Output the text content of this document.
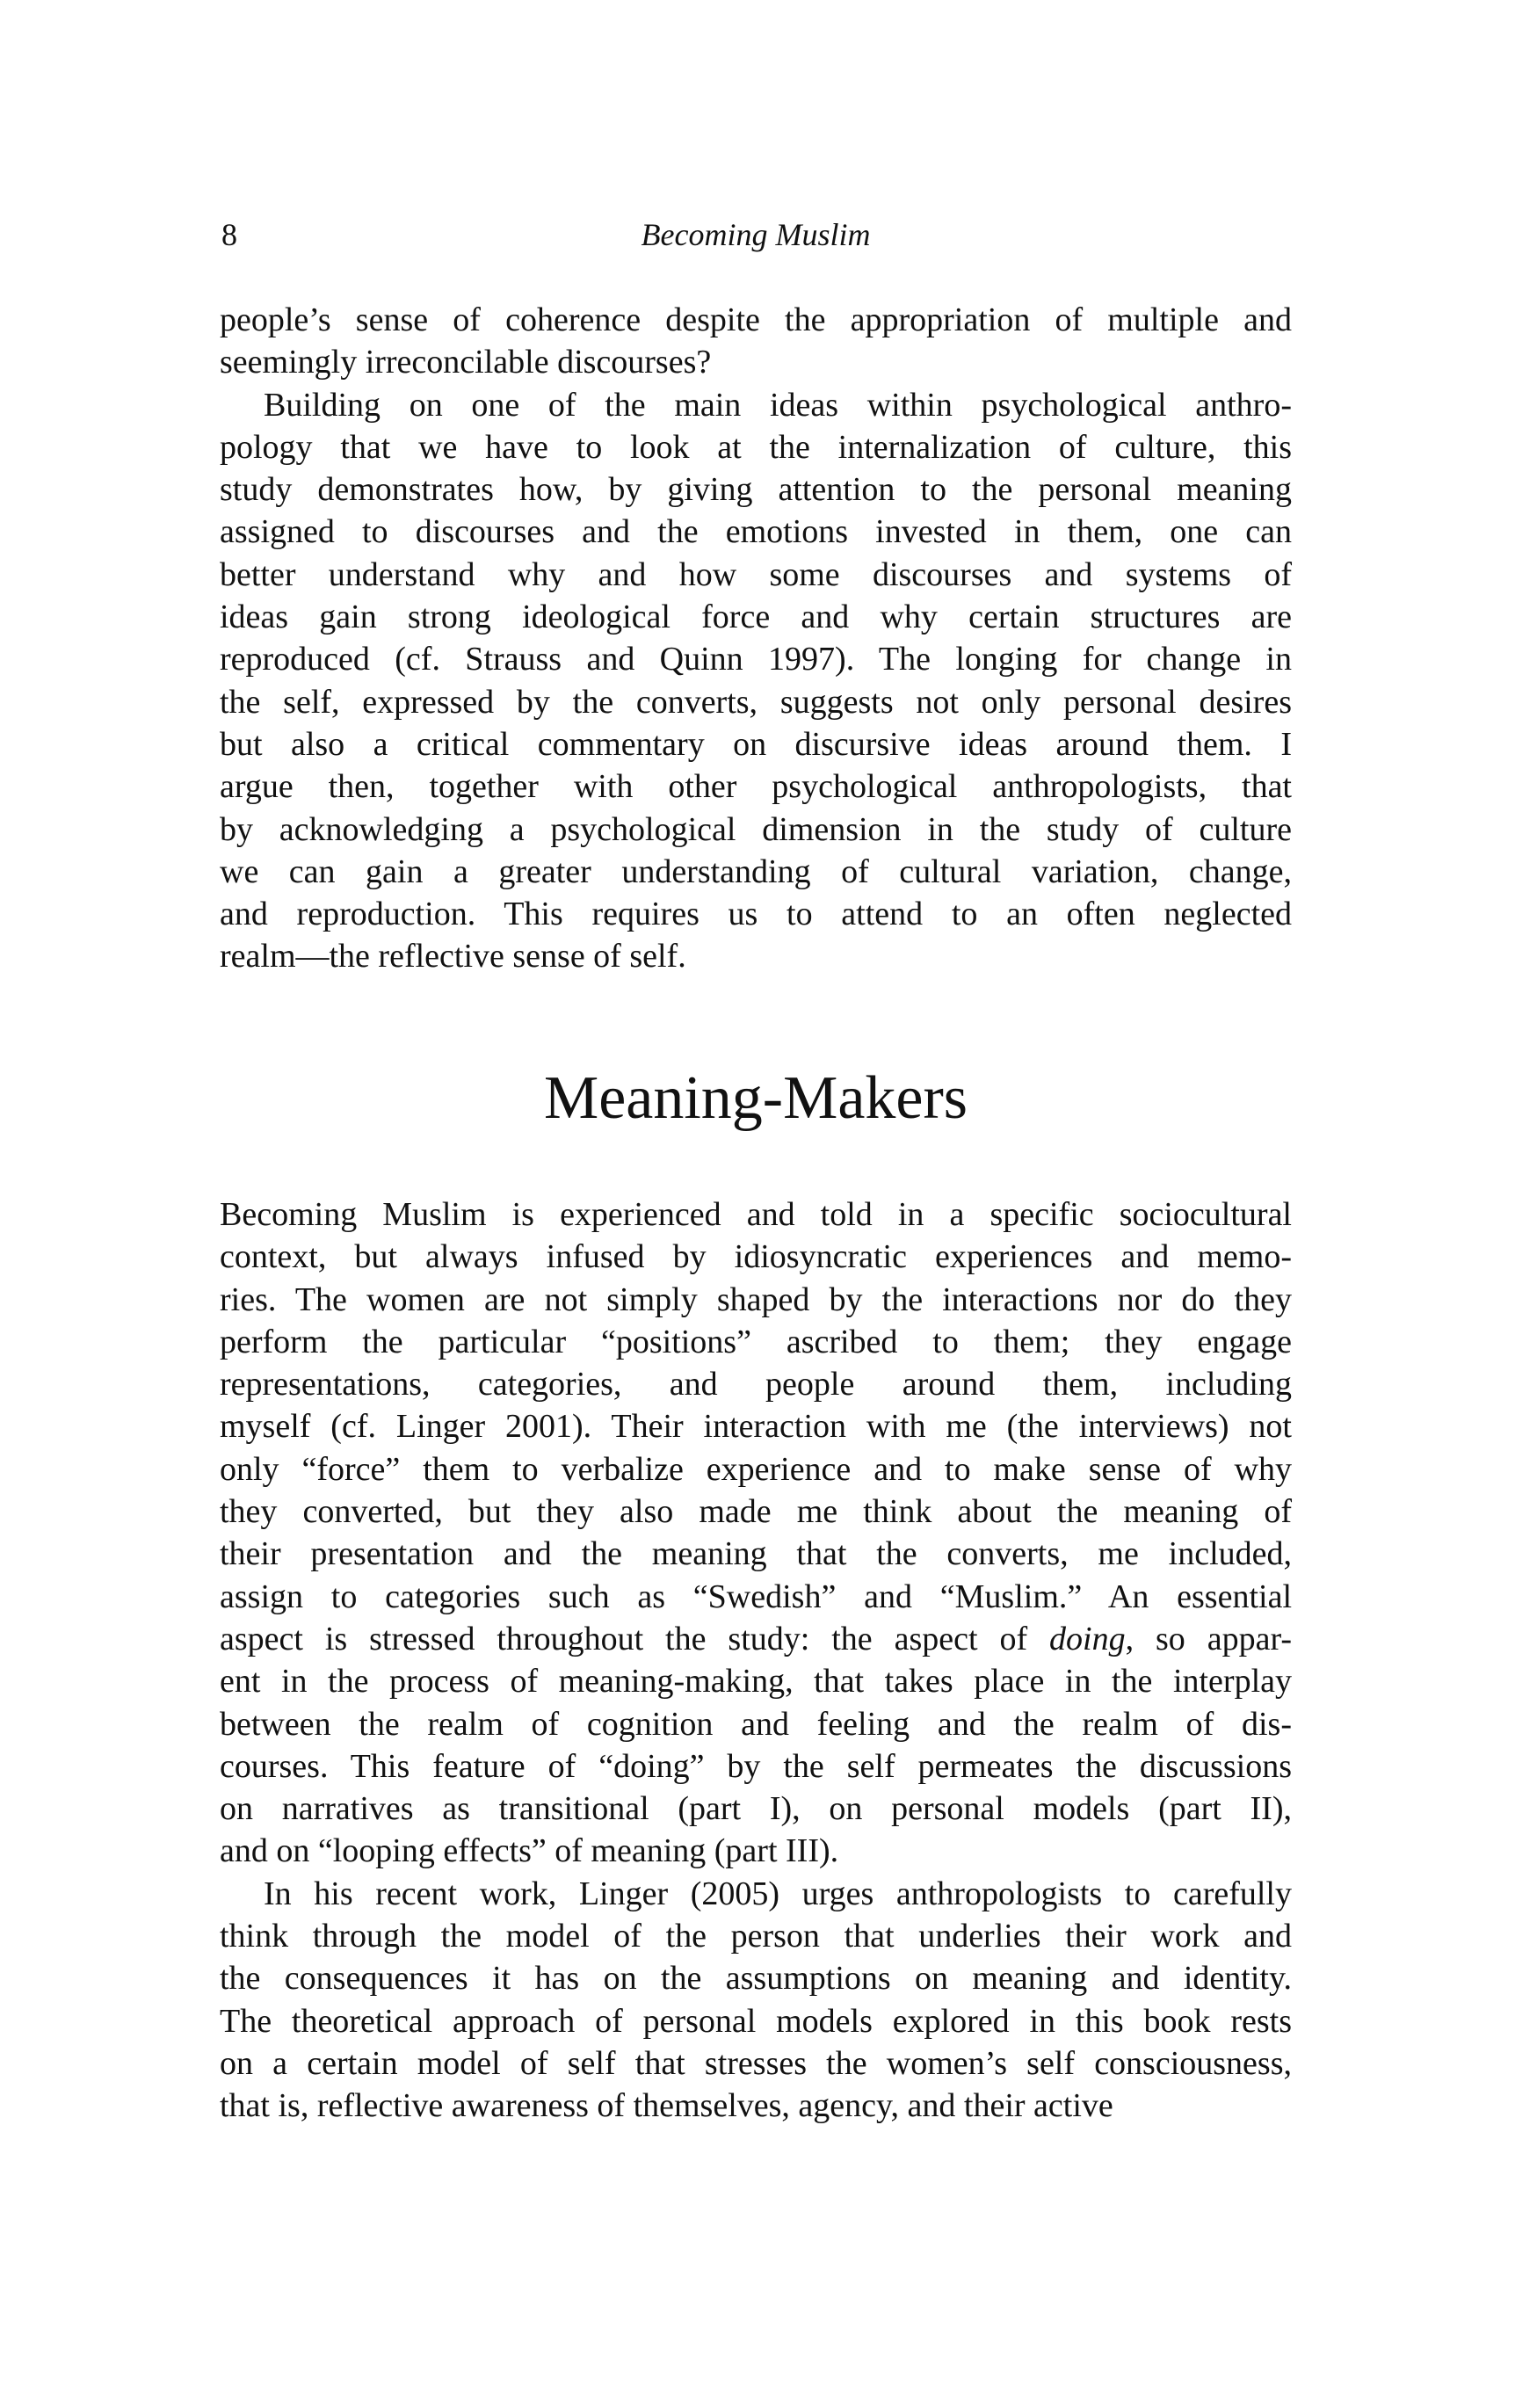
8	Becoming Muslim
people’s sense of coherence despite the appropriation of multiple and
seemingly irreconcilable discourses?
Building on one of the main ideas within psychological anthro-
pology that we have to look at the internalization of culture, this
study demonstrates how, by giving attention to the personal meaning
assigned to discourses and the emotions invested in them, one can
better understand why and how some discourses and systems of
ideas gain strong ideological force and why certain structures are
reproduced (cf. Strauss and Quinn 1997). The longing for change in
the self, expressed by the converts, suggests not only personal desires
but also a critical commentary on discursive ideas around them. I
argue then, together with other psychological anthropologists, that
by acknowledging a psychological dimension in the study of culture
we can gain a greater understanding of cultural variation, change,
and reproduction. This requires us to attend to an often neglected
realm—the reflective sense of self.
Meaning-Makers
Becoming Muslim is experienced and told in a specific sociocultural
context, but always infused by idiosyncratic experiences and memo-
ries. The women are not simply shaped by the interactions nor do they
perform the particular “positions” ascribed to them; they engage
representations, categories, and people around them, including
myself (cf. Linger 2001). Their interaction with me (the interviews) not
only “force” them to verbalize experience and to make sense of why
they converted, but they also made me think about the meaning of
their presentation and the meaning that the converts, me included,
assign to categories such as “Swedish” and “Muslim.” An essential
aspect is stressed throughout the study: the aspect of doing, so appar-
ent in the process of meaning-making, that takes place in the interplay
between the realm of cognition and feeling and the realm of dis-
courses. This feature of “doing” by the self permeates the discussions
on narratives as transitional (part I), on personal models (part II),
and on “looping effects” of meaning (part III).
In his recent work, Linger (2005) urges anthropologists to carefully
think through the model of the person that underlies their work and
the consequences it has on the assumptions on meaning and identity.
The theoretical approach of personal models explored in this book rests
on a certain model of self that stresses the women’s self consciousness,
that is, reflective awareness of themselves, agency, and their active
